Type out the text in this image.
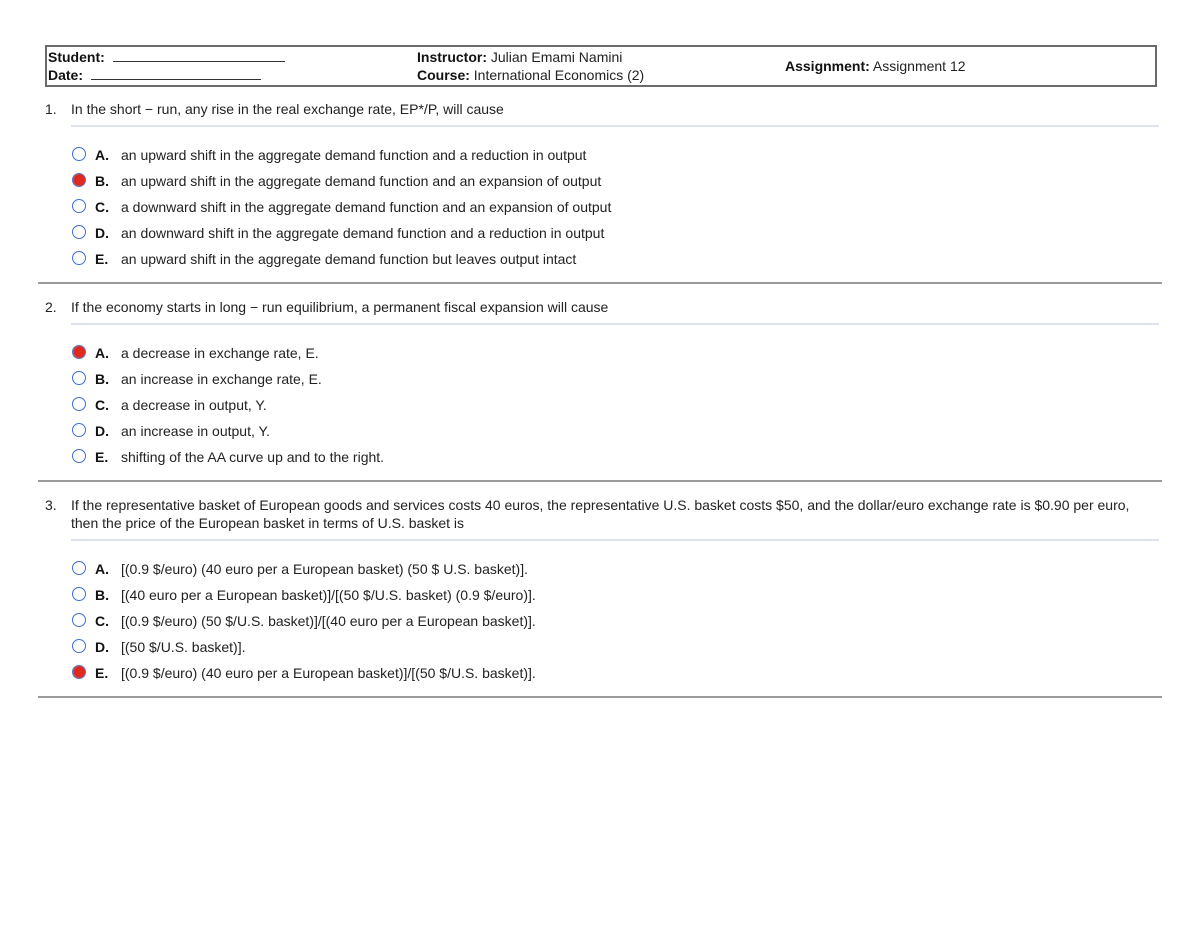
Student:
Date:
Instructor: Julian Emami Namini
Course: International Economics (2)
Assignment: Assignment 12
1. In the short − run, any rise in the real exchange rate, EP*/P, will cause
A. an upward shift in the aggregate demand function and a reduction in output
B. an upward shift in the aggregate demand function and an expansion of output
C. a downward shift in the aggregate demand function and an expansion of output
D. an downward shift in the aggregate demand function and a reduction in output
E. an upward shift in the aggregate demand function but leaves output intact
2. If the economy starts in long − run equilibrium, a permanent fiscal expansion will cause
A. a decrease in exchange rate, E.
B. an increase in exchange rate, E.
C. a decrease in output, Y.
D. an increase in output, Y.
E. shifting of the AA curve up and to the right.
3. If the representative basket of European goods and services costs 40 euros, the representative U.S. basket costs $50, and the dollar/euro exchange rate is $0.90 per euro, then the price of the European basket in terms of U.S. basket is
A. [(0.9 $/euro) (40 euro per a European basket) (50 $ U.S. basket)].
B. [(40 euro per a European basket)]/[(50 $/U.S. basket) (0.9 $/euro)].
C. [(0.9 $/euro) (50 $/U.S. basket)]/[(40 euro per a European basket)].
D. [(50 $/U.S. basket)].
E. [(0.9 $/euro) (40 euro per a European basket)]/[(50 $/U.S. basket)].
